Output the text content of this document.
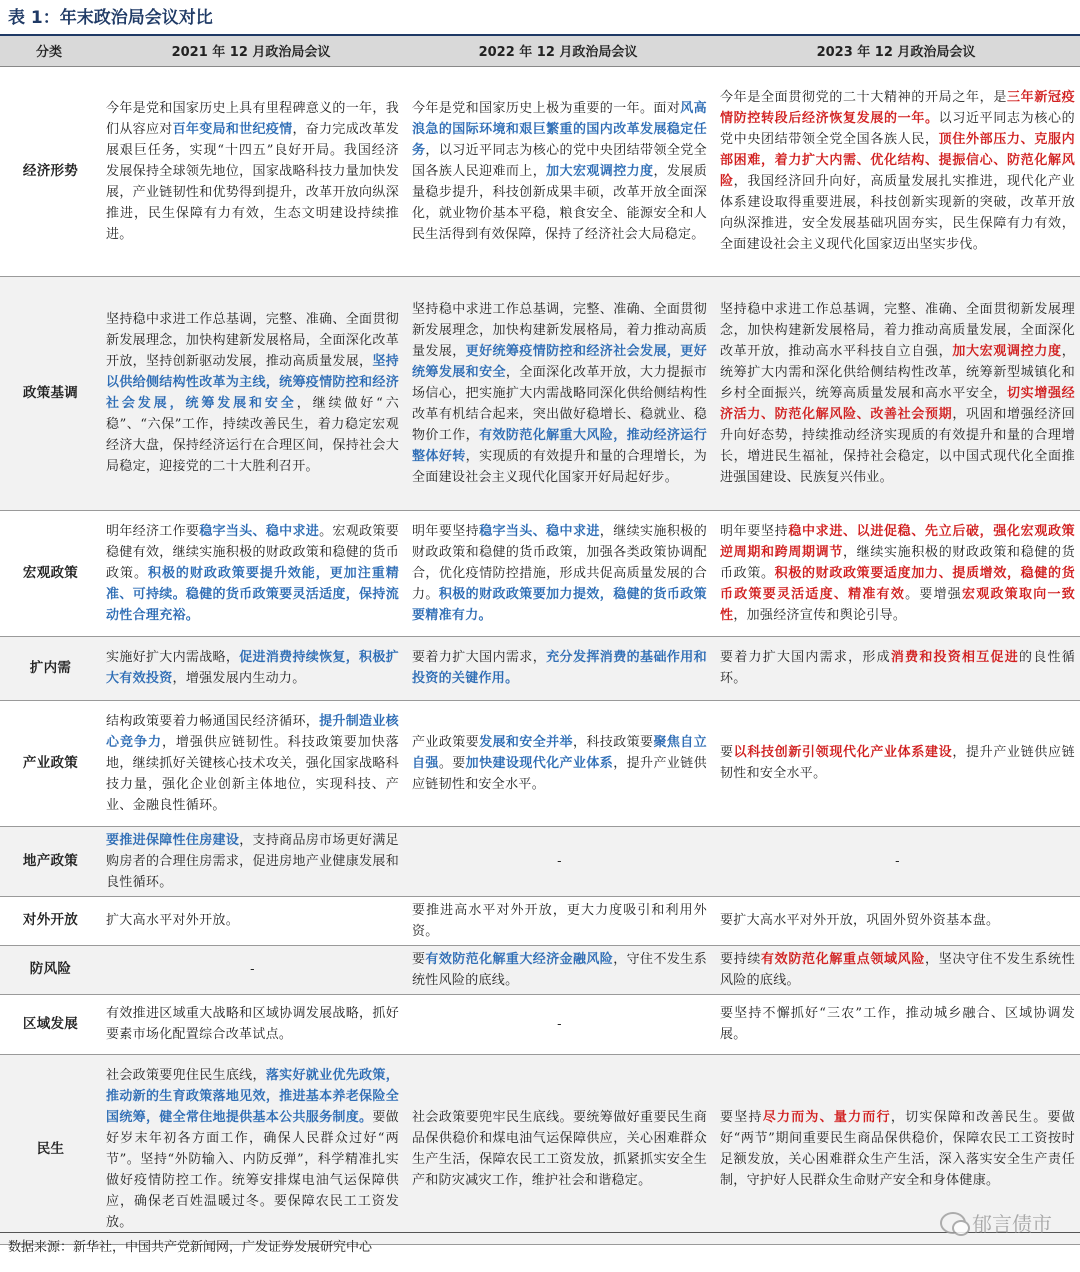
表 1：年末政治局会议对比
分类	2021 年 12 月政治局会议	2022 年 12 月政治局会议	2023 年 12 月政治局会议
经济形势	今年是党和国家历史上具有里程碑意义的一年，我们从容应对百年变局和世纪疫情，奋力完成改革发展艰巨任务，实现“十四五”良好开局。我国经济发展保持全球领先地位，国家战略科技力量加快发展，产业链韧性和优势得到提升，改革开放向纵深推进，民生保障有力有效，生态文明建设持续推进。	今年是党和国家历史上极为重要的一年。面对风高浪急的国际环境和艰巨繁重的国内改革发展稳定任务，以习近平同志为核心的党中央团结带领全党全国各族人民迎难而上，加大宏观调控力度，发展质量稳步提升，科技创新成果丰硕，改革开放全面深化，就业物价基本平稳，粮食安全、能源安全和人民生活得到有效保障，保持了经济社会大局稳定。	今年是全面贯彻党的二十大精神的开局之年，是三年新冠疫情防控转段后经济恢复发展的一年。以习近平同志为核心的党中央团结带领全党全国各族人民，顶住外部压力、克服内部困难，着力扩大内需、优化结构、提振信心、防范化解风险，我国经济回升向好，高质量发展扎实推进，现代化产业体系建设取得重要进展，科技创新实现新的突破，改革开放向纵深推进，安全发展基础巩固夯实，民生保障有力有效，全面建设社会主义现代化国家迈出坚实步伐。
政策基调	坚持稳中求进工作总基调，完整、准确、全面贯彻新发展理念，加快构建新发展格局，全面深化改革开放，坚持创新驱动发展，推动高质量发展，坚持以供给侧结构性改革为主线，统筹疫情防控和经济社会发展，统筹发展和安全，继续做好“六稳”、“六保”工作，持续改善民生，着力稳定宏观经济大盘，保持经济运行在合理区间，保持社会大局稳定，迎接党的二十大胜利召开。	坚持稳中求进工作总基调，完整、准确、全面贯彻新发展理念，加快构建新发展格局，着力推动高质量发展，更好统筹疫情防控和经济社会发展，更好统筹发展和安全，全面深化改革开放，大力提振市场信心，把实施扩大内需战略同深化供给侧结构性改革有机结合起来，突出做好稳增长、稳就业、稳物价工作，有效防范化解重大风险，推动经济运行整体好转，实现质的有效提升和量的合理增长，为全面建设社会主义现代化国家开好局起好步。	坚持稳中求进工作总基调，完整、准确、全面贯彻新发展理念，加快构建新发展格局，着力推动高质量发展，全面深化改革开放，推动高水平科技自立自强，加大宏观调控力度，统筹扩大内需和深化供给侧结构性改革，统筹新型城镇化和乡村全面振兴，统筹高质量发展和高水平安全，切实增强经济活力、防范化解风险、改善社会预期，巩固和增强经济回升向好态势，持续推动经济实现质的有效提升和量的合理增长，增进民生福祉，保持社会稳定，以中国式现代化全面推进强国建设、民族复兴伟业。
宏观政策	明年经济工作要稳字当头、稳中求进。宏观政策要稳健有效，继续实施积极的财政政策和稳健的货币政策。积极的财政政策要提升效能，更加注重精准、可持续。稳健的货币政策要灵活适度，保持流动性合理充裕。	明年要坚持稳字当头、稳中求进，继续实施积极的财政政策和稳健的货币政策，加强各类政策协调配合，优化疫情防控措施，形成共促高质量发展的合力。积极的财政政策要加力提效，稳健的货币政策要精准有力。	明年要坚持稳中求进、以进促稳、先立后破，强化宏观政策逆周期和跨周期调节，继续实施积极的财政政策和稳健的货币政策。积极的财政政策要适度加力、提质增效，稳健的货币政策要灵活适度、精准有效。要增强宏观政策取向一致性，加强经济宣传和舆论引导。
扩内需	实施好扩大内需战略，促进消费持续恢复，积极扩大有效投资，增强发展内生动力。	要着力扩大国内需求，充分发挥消费的基础作用和投资的关键作用。	要着力扩大国内需求，形成消费和投资相互促进的良性循环。
产业政策	结构政策要着力畅通国民经济循环，提升制造业核心竞争力，增强供应链韧性。科技政策要加快落地，继续抓好关键核心技术攻关，强化国家战略科技力量，强化企业创新主体地位，实现科技、产业、金融良性循环。	产业政策要发展和安全并举，科技政策要聚焦自立自强。要加快建设现代化产业体系，提升产业链供应链韧性和安全水平。	要以科技创新引领现代化产业体系建设，提升产业链供应链韧性和安全水平。
地产政策	要推进保障性住房建设，支持商品房市场更好满足购房者的合理住房需求，促进房地产业健康发展和良性循环。	-	-
对外开放	扩大高水平对外开放。	要推进高水平对外开放，更大力度吸引和利用外资。	要扩大高水平对外开放，巩固外贸外资基本盘。
防风险	-	要有效防范化解重大经济金融风险，守住不发生系统性风险的底线。	要持续有效防范化解重点领域风险，坚决守住不发生系统性风险的底线。
区域发展	有效推进区域重大战略和区域协调发展战略，抓好要素市场化配置综合改革试点。	-	要坚持不懈抓好“三农”工作，推动城乡融合、区域协调发展。
民生	社会政策要兜住民生底线，落实好就业优先政策，推动新的生育政策落地见效，推进基本养老保险全国统筹，健全常住地提供基本公共服务制度。要做好岁末年初各方面工作，确保人民群众过好“两节”。坚持“外防输入、内防反弹”，科学精准扎实做好疫情防控工作。统筹安排煤电油气运保障供应，确保老百姓温暖过冬。要保障农民工工资发放。	社会政策要兜牢民生底线。要统筹做好重要民生商品保供稳价和煤电油气运保障供应，关心困难群众生产生活，保障农民工工资发放，抓紧抓实安全生产和防灾减灾工作，维护社会和谐稳定。	要坚持尽力而为、量力而行，切实保障和改善民生。要做好“两节”期间重要民生商品保供稳价，保障农民工工资按时足额发放，关心困难群众生产生活，深入落实安全生产责任制，守护好人民群众生命财产安全和身体健康。
数据来源：新华社，中国共产党新闻网，广发证券发展研究中心
郁言债市
